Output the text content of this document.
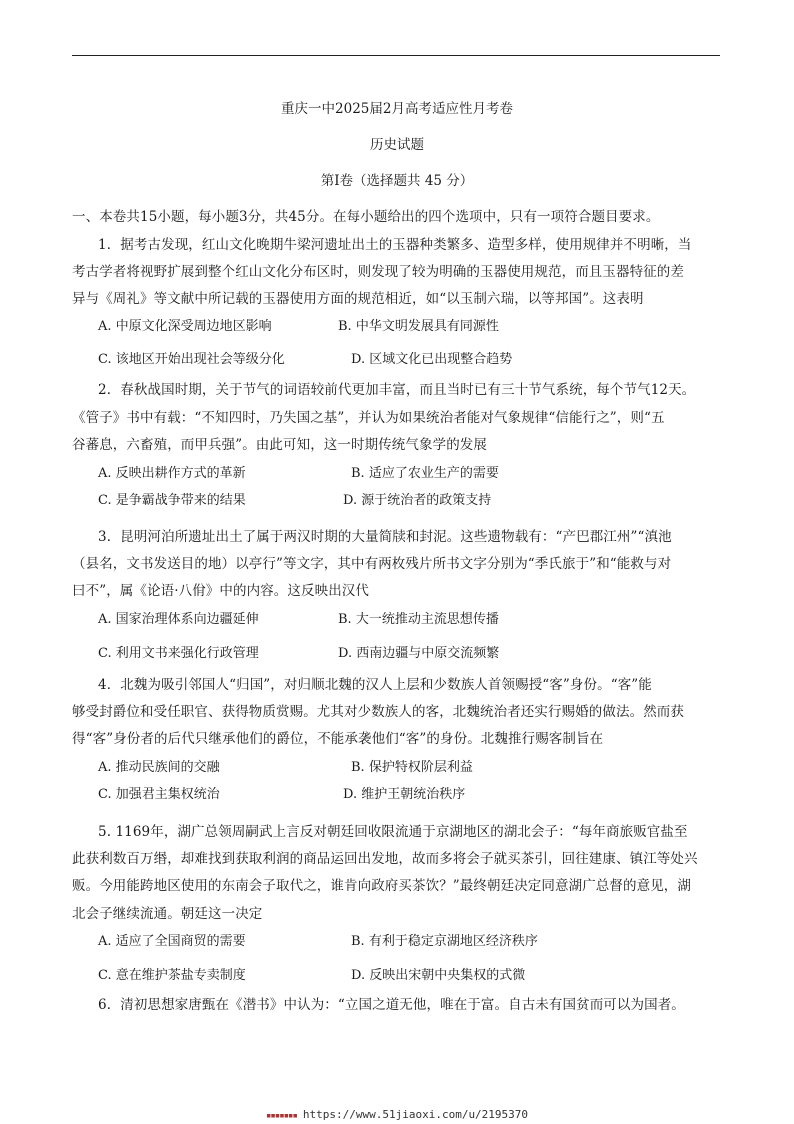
重庆一中2025届2月高考适应性月考卷
历史试题
第I卷（选择题共 45 分）
一、本卷共15小题，每小题3分，共45分。在每小题给出的四个选项中，只有一项符合题目要求。
1．据考古发现，红山文化晚期牛梁河遗址出土的玉器种类繁多、造型多样，使用规律并不明晰，当
考古学者将视野扩展到整个红山文化分布区时，则发现了较为明确的玉器使用规范，而且玉器特征的差
异与《周礼》等文献中所记载的玉器使用方面的规范相近，如“以玉制六瑞，以等邦国”。这表明
A. 中原文化深受周边地区影响	B. 中华文明发展具有同源性
C. 该地区开始出现社会等级分化	D. 区域文化已出现整合趋势
2．春秋战国时期，关于节气的词语较前代更加丰富，而且当时已有三十节气系统，每个节气12天。
《管子》书中有载：“不知四时，乃失国之基”，并认为如果统治者能对气象规律“信能行之”，则“五
谷蕃息，六畜殖，而甲兵强”。由此可知，这一时期传统气象学的发展
A. 反映出耕作方式的革新	B. 适应了农业生产的需要
C. 是争霸战争带来的结果	D. 源于统治者的政策支持
3．昆明河泊所遗址出土了属于两汉时期的大量简牍和封泥。这些遗物载有：“产巴郡江州”“滇池
（县名，文书发送目的地）以亭行”等文字，其中有两枚残片所书文字分别为“季氏旅于”和“能救与对
曰不”，属《论语·八佾》中的内容。这反映出汉代
A. 国家治理体系向边疆延伸	B. 大一统推动主流思想传播
C. 利用文书来强化行政管理	D. 西南边疆与中原交流频繁
4．北魏为吸引邻国人“归国”，对归顺北魏的汉人上层和少数族人首领赐授“客”身份。“客”能
够受封爵位和受任职官、获得物质赏赐。尤其对少数族人的客，北魏统治者还实行赐婚的做法。然而获
得“客”身份者的后代只继承他们的爵位，不能承袭他们“客”的身份。北魏推行赐客制旨在
A. 推动民族间的交融	B. 保护特权阶层利益
C. 加强君主集权统治	D. 维护王朝统治秩序
5. 1169年，湖广总领周嗣武上言反对朝廷回收限流通于京湖地区的湖北会子：“每年商旅贩官盐至
此获利数百万缗，却难找到获取利润的商品运回出发地，故而多将会子就买茶引，回往建康、镇江等处兴
贩。今用能跨地区使用的东南会子取代之，谁肯向政府买茶饮？”最终朝廷决定同意湖广总督的意见，湖
北会子继续流通。朝廷这一决定
A. 适应了全国商贸的需要	B. 有利于稳定京湖地区经济秩序
C. 意在维护茶盐专卖制度	D. 反映出宋朝中央集权的式微
6．清初思想家唐甄在《潜书》中认为：“立国之道无他，唯在于富。自古未有国贫而可以为国者。
▪▪▪▪▪▪▪ https://www.51jiaoxi.com/u/2195370
